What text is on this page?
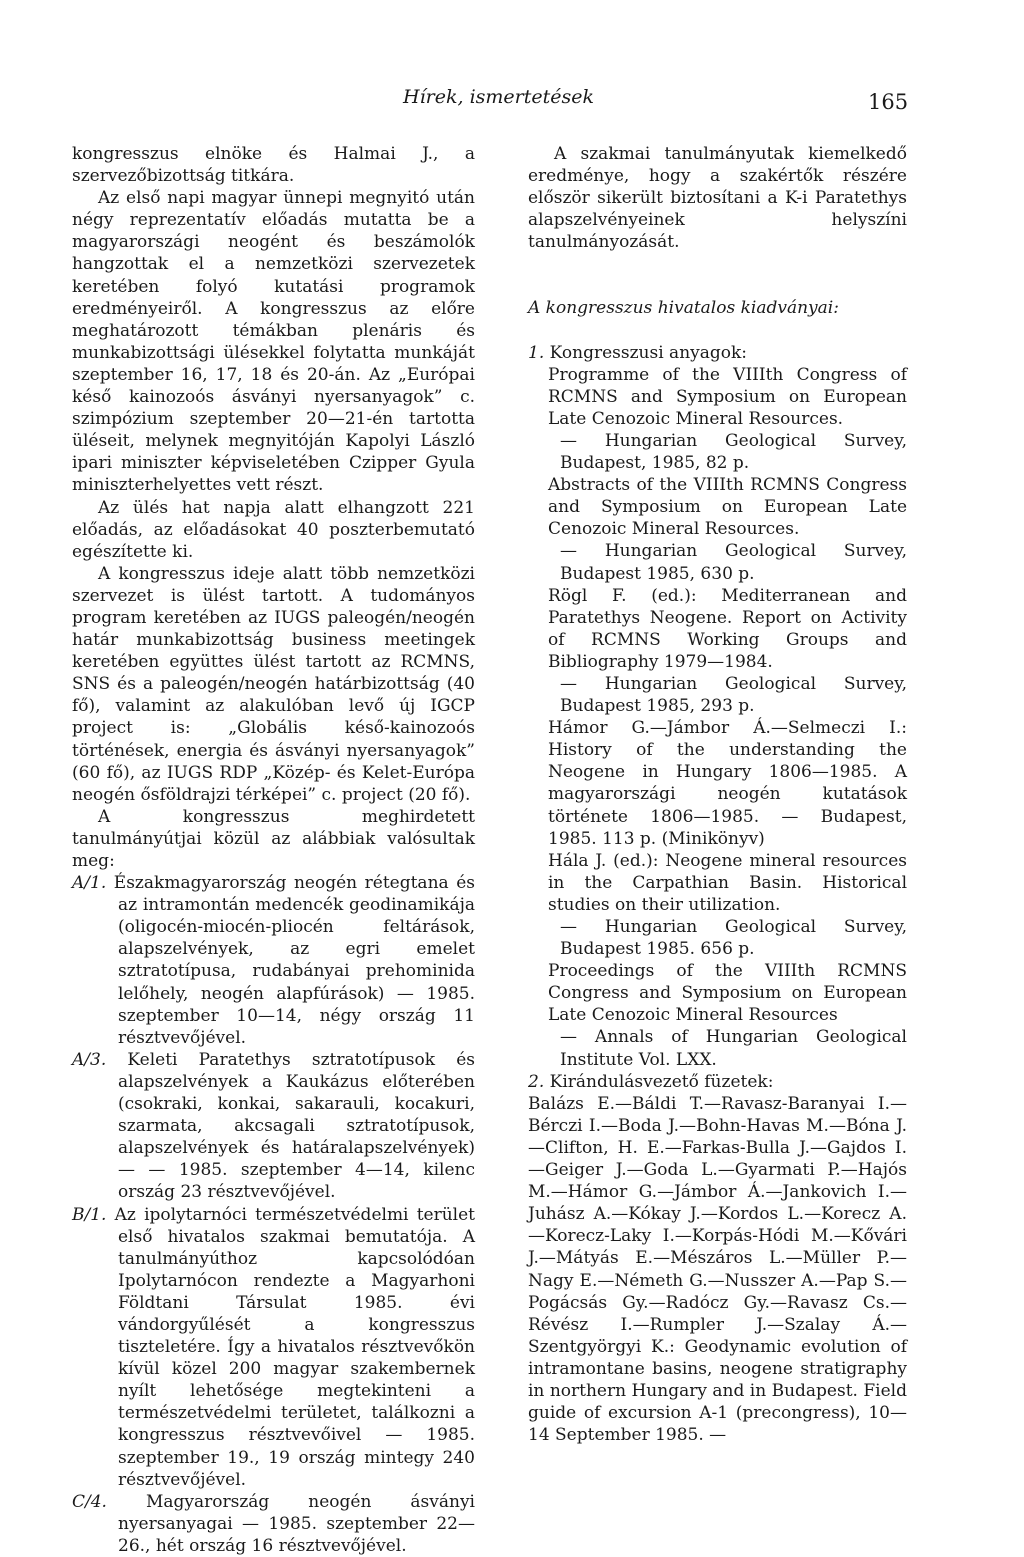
Hírek, ismertetések	165

kongresszus elnöke és Halmai J., a szervezőbizottság titkára.

Az első napi magyar ünnepi megnyitó után négy reprezentatív előadás mutatta be a magyarországi neogént és beszámolók hangzottak el a nemzetközi szervezetek keretében folyó kutatási programok eredményeiről. A kongresszus az előre meghatározott témákban plenáris és munkabizottsági ülésekkel folytatta munkáját szeptember 16, 17, 18 és 20-án. Az „Európai késő kainozoós ásványi nyersanyagok” c. szimpózium szeptember 20—21-én tartotta üléseit, melynek megnyitóján Kapolyi László ipari miniszter képviseletében Czipper Gyula miniszterhelyettes vett részt.

Az ülés hat napja alatt elhangzott 221 előadás, az előadásokat 40 poszterbemutató egészítette ki.

A kongresszus ideje alatt több nemzetközi szervezet is ülést tartott. A tudományos program keretében az IUGS paleogén/neogén határ munkabizottság business meetingek keretében együttes ülést tartott az RCMNS, SNS és a paleogén/neogén határbizottság (40 fő), valamint az alakulóban levő új IGCP project is: „Globális késő-kainozoós történések, energia és ásványi nyersanyagok” (60 fő), az IUGS RDP „Közép- és Kelet-Európa neogén ősföldrajzi térképei” c. project (20 fő).

A kongresszus meghirdetett tanulmányútjai közül az alábbiak valósultak meg:

A/1. Északmagyarország neogén rétegtana és az intramontán medencék geodinamikája (oligocén-miocén-pliocén feltárások, alapszelvények, az egri emelet sztratotípusa, rudabányai prehominida lelőhely, neogén alapfúrások) — 1985. szeptember 10—14, négy ország 11 résztvevőjével.

A/3. Keleti Paratethys sztratotípusok és alapszelvények a Kaukázus előterében (csokraki, konkai, sakarauli, kocakuri, szarmata, akcsagali sztratotípusok, alapszelvények és határalapszelvények) — — 1985. szeptember 4—14, kilenc ország 23 résztvevőjével.

B/1. Az ipolytarnóci természetvédelmi terület első hivatalos szakmai bemutatója. A tanulmányúthoz kapcsolódóan Ipolytarnócon rendezte a Magyarhoni Földtani Társulat 1985. évi vándorgyűlését a kongresszus tiszteletére. Így a hivatalos résztvevőkön kívül közel 200 magyar szakembernek nyílt lehetősége megtekinteni a természetvédelmi területet, találkozni a kongresszus résztvevőivel — 1985. szeptember 19., 19 ország mintegy 240 résztvevőjével.

C/4. Magyarország neogén ásványi nyersanyagai — 1985. szeptember 22—26., hét ország 16 résztvevőjével.

A szakmai tanulmányutak kiemelkedő eredménye, hogy a szakértők részére először sikerült biztosítani a K-i Paratethys alapszelvényeinek helyszíni tanulmányozását.

A kongresszus hivatalos kiadványai:

1. Kongresszusi anyagok:

Programme of the VIIIth Congress of RCMNS and Symposium on European Late Cenozoic Mineral Resources.

— Hungarian Geological Survey, Budapest, 1985, 82 p.

Abstracts of the VIIIth RCMNS Congress and Symposium on European Late Cenozoic Mineral Resources.

— Hungarian Geological Survey, Budapest 1985, 630 p.

Rögl F. (ed.): Mediterranean and Paratethys Neogene. Report on Activity of RCMNS Working Groups and Bibliography 1979—1984.

— Hungarian Geological Survey, Budapest 1985, 293 p.

Hámor G.—Jámbor Á.—Selmeczi I.: History of the understanding the Neogene in Hungary 1806—1985. A magyarországi neogén kutatások története 1806—1985. — Budapest, 1985. 113 p. (Minikönyv)

Hála J. (ed.): Neogene mineral resources in the Carpathian Basin. Historical studies on their utilization.

— Hungarian Geological Survey, Budapest 1985. 656 p.

Proceedings of the VIIIth RCMNS Congress and Symposium on European Late Cenozoic Mineral Resources

— Annals of Hungarian Geological Institute Vol. LXX.

2. Kirándulásvezető füzetek:

Balázs E.—Báldi T.—Ravasz-Baranyai I.—Bérczi I.—Boda J.—Bohn-Havas M.—Bóna J.—Clifton, H. E.—Farkas-Bulla J.—Gajdos I.—Geiger J.—Goda L.—Gyarmati P.—Hajós M.—Hámor G.—Jámbor Á.—Jankovich I.—Juhász A.—Kókay J.—Kordos L.—Korecz A.—Korecz-Laky I.—Korpás-Hódi M.—Kővári J.—Mátyás E.—Mészáros L.—Müller P.—Nagy E.—Németh G.—Nusszer A.—Pap S.—Pogácsás Gy.—Radócz Gy.—Ravasz Cs.—Révész I.—Rumpler J.—Szalay Á.—Szentgyörgyi K.: Geodynamic evolution of intramontane basins, neogene stratigraphy in northern Hungary and in Budapest. Field guide of excursion A-1 (precongress), 10—14 September 1985. —
